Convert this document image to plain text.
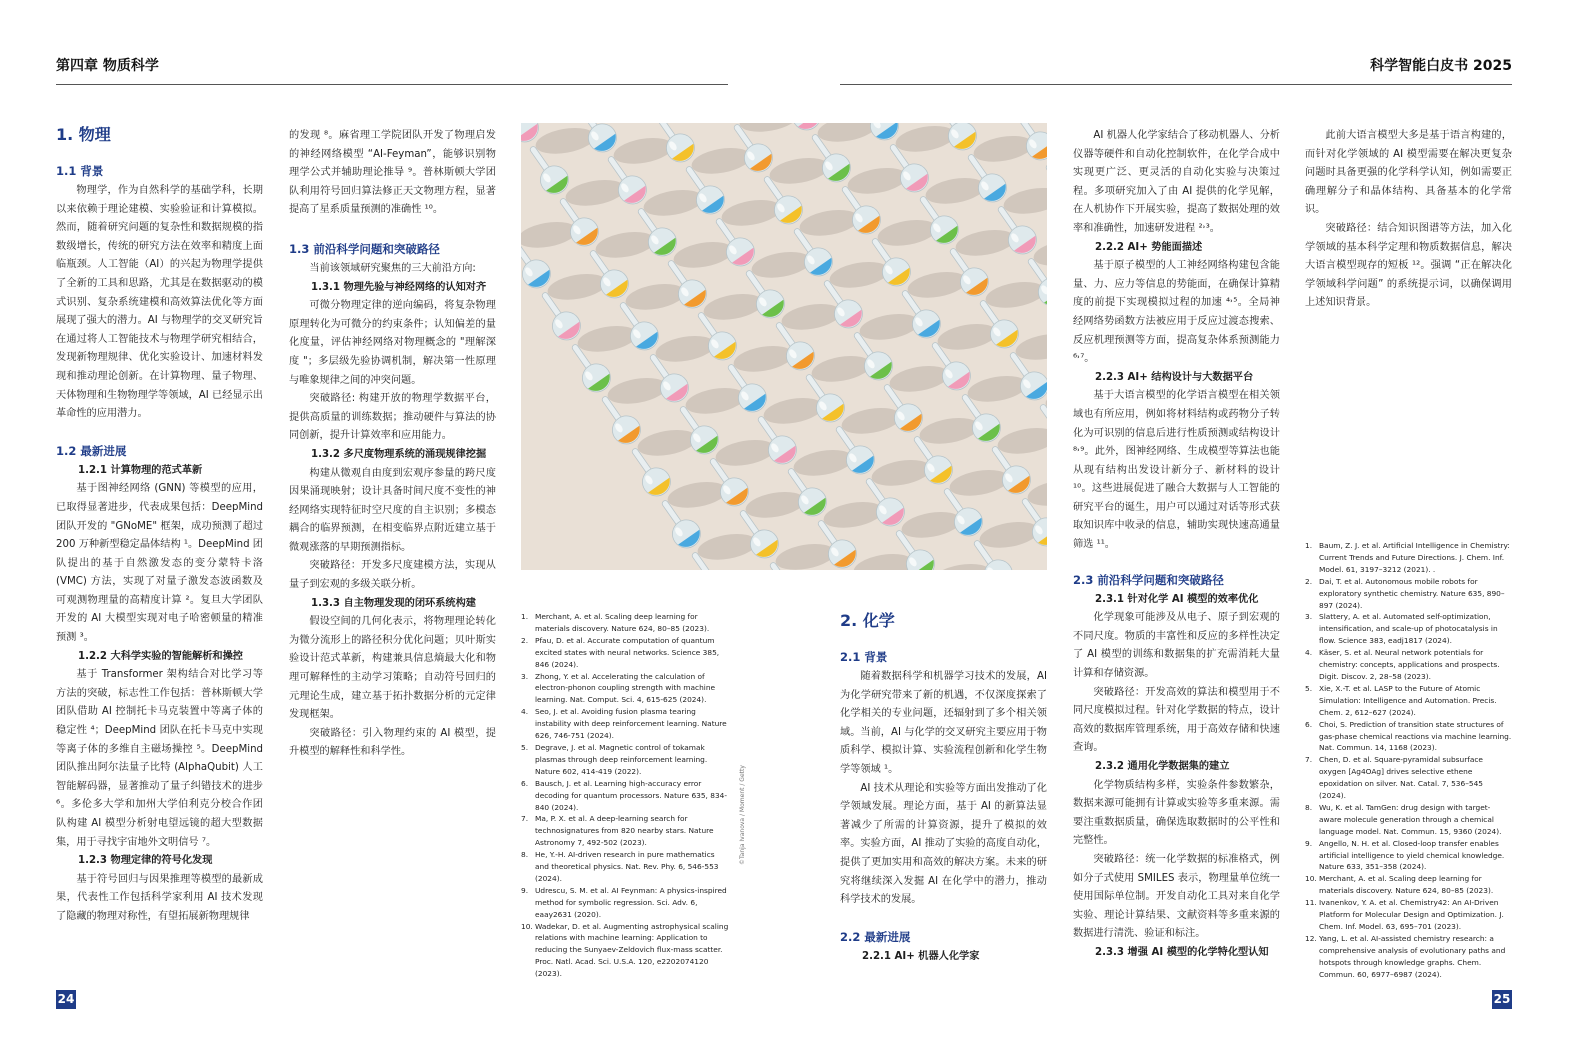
第四章 物质科学	科学智能白皮书 2025
1. 物理
1.1 背景

物理学，作为自然科学的基础学科，长期以来依赖于理论建模、实验验证和计算模拟。然而，随着研究问题的复杂性和数据规模的指数级增长，传统的研究方法在效率和精度上面临瓶颈。人工智能（AI）的兴起为物理学提供了全新的工具和思路，尤其是在数据驱动的模式识别、复杂系统建模和高效算法优化等方面展现了强大的潜力。AI 与物理学的交叉研究旨在通过将人工智能技术与物理学研究相结合，发现新物理规律、优化实验设计、加速材料发现和推动理论创新。在计算物理、量子物理、天体物理和生物物理学等领域，AI 已经显示出革命性的应用潜力。

1.2 最新进展
1.2.1 计算物理的范式革新

基于图神经网络 (GNN) 等模型的应用，已取得显著进步，代表成果包括：DeepMind 团队开发的 "GNoME" 框架，成功预测了超过 200 万种新型稳定晶体结构 ¹。DeepMind 团队提出的基于自然激发态的变分蒙特卡洛 (VMC) 方法，实现了对量子激发态波函数及可观测物理量的高精度计算 ²。复旦大学团队开发的 AI 大模型实现对电子哈密顿量的精准预测 ³。

1.2.2 大科学实验的智能解析和操控

基于 Transformer 架构结合对比学习等方法的突破，标志性工作包括：普林斯顿大学团队借助 AI 控制托卡马克装置中等离子体的稳定性 ⁴；DeepMind 团队在托卡马克中实现等离子体的多维自主磁场操控 ⁵。DeepMind 团队推出阿尔法量子比特 (AlphaQubit) 人工智能解码器，显著推动了量子纠错技术的进步 ⁶。多伦多大学和加州大学伯利克分校合作团队构建 AI 模型分析射电望远镜的超大型数据集，用于寻找宇宙地外文明信号 ⁷。

1.2.3 物理定律的符号化发现

基于符号回归与因果推理等模型的最新成果，代表性工作包括科学家利用 AI 技术发现了隐藏的物理对称性，有望拓展新物理规律

的发现 ⁸。麻省理工学院团队开发了物理启发的神经网络模型 “AI-Feyman”，能够识别物理学公式并辅助理论推导 ⁹。普林斯顿大学团队利用符号回归算法修正天文物理方程，显著提高了星系质量预测的准确性 ¹⁰。

1.3 前沿科学问题和突破路径

当前该领域研究聚焦的三大前沿方向:

1.3.1 物理先验与神经网络的认知对齐

可微分物理定律的逆向编码，将复杂物理原理转化为可微分的约束条件；认知偏差的量化度量，评估神经网络对物理概念的 "理解深度 "；多层级先验协调机制，解决第一性原理与唯象规律之间的冲突问题。

突破路径: 构建开放的物理学数据平台，提供高质量的训练数据；推动硬件与算法的协同创新，提升计算效率和应用能力。

1.3.2 多尺度物理系统的涌现规律挖掘

构建从微观自由度到宏观序参量的跨尺度因果涌现映射；设计具备时间尺度不变性的神经网络实现特征时空尺度的自主识别；多模态耦合的临界预测，在相变临界点附近建立基于微观涨落的早期预测指标。

突破路径：开发多尺度建模方法，实现从量子到宏观的多级关联分析。

1.3.3 自主物理发现的闭环系统构建

假设空间的几何化表示，将物理理论转化为微分流形上的路径积分优化问题；贝叶斯实验设计范式革新，构建兼具信息熵最大化和物理可解释性的主动学习策略；自动符号回归的元理论生成，建立基于拓扑数据分析的元定律发现框架。

突破路径：引入物理约束的 AI 模型，提升模型的解释性和科学性。

©Tanja Ivanova / Moment / Getty
1. Merchant, A. et al. Scaling deep learning for materials discovery. Nature 624, 80–85 (2023).
2. Pfau, D. et al. Accurate computation of quantum excited states with neural networks. Science 385, 846 (2024).
3. Zhong, Y. et al. Accelerating the calculation of electron-phonon coupling strength with machine learning. Nat. Comput. Sci. 4, 615-625 (2024).
4. Seo, J. et al. Avoiding fusion plasma tearing instability with deep reinforcement learning. Nature 626, 746-751 (2024).
5. Degrave, J. et al. Magnetic control of tokamak plasmas through deep reinforcement learning. Nature 602, 414-419 (2022).
6. Bausch, J. et al. Learning high-accuracy error decoding for quantum processors. Nature 635, 834-840 (2024).
7. Ma, P. X. et al. A deep-learning search for technosignatures from 820 nearby stars. Nature Astronomy 7, 492-502 (2023).
8. He, Y.-H. AI-driven research in pure mathematics and theoretical physics. Nat. Rev. Phy. 6, 546-553 (2024).
9. Udrescu, S. M. et al. AI Feynman: A physics-inspired method for symbolic regression. Sci. Adv. 6, eaay2631 (2020).
10. Wadekar, D. et al. Augmenting astrophysical scaling relations with machine learning: Application to reducing the Sunyaev-Zeldovich flux-mass scatter. Proc. Natl. Acad. Sci. U.S.A. 120, e2202074120 (2023).
2. 化学
2.1 背景

随着数据科学和机器学习技术的发展，AI 为化学研究带来了新的机遇，不仅深度探索了化学相关的专业问题，还辐射到了多个相关领域。当前，AI 与化学的交叉研究主要应用于物质科学、模拟计算、实验流程创新和化学生物学等领域 ¹。

AI 技术从理论和实验等方面出发推动了化学领域发展。理论方面，基于 AI 的新算法显著减少了所需的计算资源，提升了模拟的效率。实验方面，AI 推动了实验的高度自动化，提供了更加实用和高效的解决方案。未来的研究将继续深入发掘 AI 在化学中的潜力，推动科学技术的发展。

2.2 最新进展
2.2.1 AI+ 机器人化学家

AI 机器人化学家结合了移动机器人、分析仪器等硬件和自动化控制软件，在化学合成中实现更广泛、更灵活的自动化实验与决策过程。多项研究加入了由 AI 提供的化学见解，在人机协作下开展实验，提高了数据处理的效率和准确性，加速研发进程 ²˒³。

2.2.2 AI+ 势能面描述

基于原子模型的人工神经网络构建包含能量、力、应力等信息的势能面，在确保计算精度的前提下实现模拟过程的加速 ⁴˒⁵。全局神经网络势函数方法被应用于反应过渡态搜索、反应机理预测等方面，提高复杂体系预测能力 ⁶˒⁷。

2.2.3 AI+ 结构设计与大数据平台

基于大语言模型的化学语言模型在相关领域也有所应用，例如将材料结构或药物分子转化为可识别的信息后进行性质预测或结构设计 ⁸˒⁹。此外，图神经网络、生成模型等算法也能从现有结构出发设计新分子、新材料的设计 ¹⁰。这些进展促进了融合大数据与人工智能的研究平台的诞生，用户可以通过对话等形式获取知识库中收录的信息，辅助实现快速高通量筛选 ¹¹。

2.3 前沿科学问题和突破路径
2.3.1 针对化学 AI 模型的效率优化

化学现象可能涉及从电子、原子到宏观的不同尺度。物质的丰富性和反应的多样性决定了 AI 模型的训练和数据集的扩充需消耗大量计算和存储资源。

突破路径：开发高效的算法和模型用于不同尺度模拟过程。针对化学数据的特点，设计高效的数据库管理系统，用于高效存储和快速查询。

2.3.2 通用化学数据集的建立

化学物质结构多样，实验条件参数繁杂，数据来源可能拥有计算或实验等多重来源。需要注重数据质量，确保选取数据时的公平性和完整性。

突破路径：统一化学数据的标准格式，例如分子式使用 SMILES 表示，物理量单位统一使用国际单位制。开发自动化工具对来自化学实验、理论计算结果、文献资料等多重来源的数据进行清洗、验证和标注。

2.3.3 增强 AI 模型的化学特化型认知

此前大语言模型大多是基于语言构建的，而针对化学领域的 AI 模型需要在解决更复杂问题时具备更强的化学科学认知，例如需要正确理解分子和晶体结构、具备基本的化学常识。

突破路径：结合知识图谱等方法，加入化学领域的基本科学定理和物质数据信息，解决大语言模型现存的短板 ¹²。强调 “正在解决化学领域科学问题” 的系统提示词，以确保调用上述知识背景。

1. Baum, Z. J. et al. Artificial Intelligence in Chemistry: Current Trends and Future Directions. J. Chem. Inf. Model. 61, 3197–3212 (2021). .
2. Dai, T. et al. Autonomous mobile robots for exploratory synthetic chemistry. Nature 635, 890–897 (2024).
3. Slattery, A. et al. Automated self-optimization, intensification, and scale-up of photocatalysis in flow. Science 383, eadj1817 (2024).
4. Käser, S. et al. Neural network potentials for chemistry: concepts, applications and prospects. Digit. Discov. 2, 28–58 (2023).
5. Xie, X.-T. et al. LASP to the Future of Atomic Simulation: Intelligence and Automation. Precis. Chem. 2, 612–627 (2024).
6. Choi, S. Prediction of transition state structures of gas-phase chemical reactions via machine learning. Nat. Commun. 14, 1168 (2023).
7. Chen, D. et al. Square-pyramidal subsurface oxygen [Ag4OAg] drives selective ethene epoxidation on silver. Nat. Catal. 7, 536–545 (2024).
8. Wu, K. et al. TamGen: drug design with target-aware molecule generation through a chemical language model. Nat. Commun. 15, 9360 (2024).
9. Angello, N. H. et al. Closed-loop transfer enables artificial intelligence to yield chemical knowledge. Nature 633, 351–358 (2024).
10. Merchant, A. et al. Scaling deep learning for materials discovery. Nature 624, 80–85 (2023).
11. Ivanenkov, Y. A. et al. Chemistry42: An AI-Driven Platform for Molecular Design and Optimization. J. Chem. Inf. Model. 63, 695–701 (2023).
12. Yang, L. et al. AI-assisted chemistry research: a comprehensive analysis of evolutionary paths and hotspots through knowledge graphs. Chem. Commun. 60, 6977–6987 (2024).
24	25
